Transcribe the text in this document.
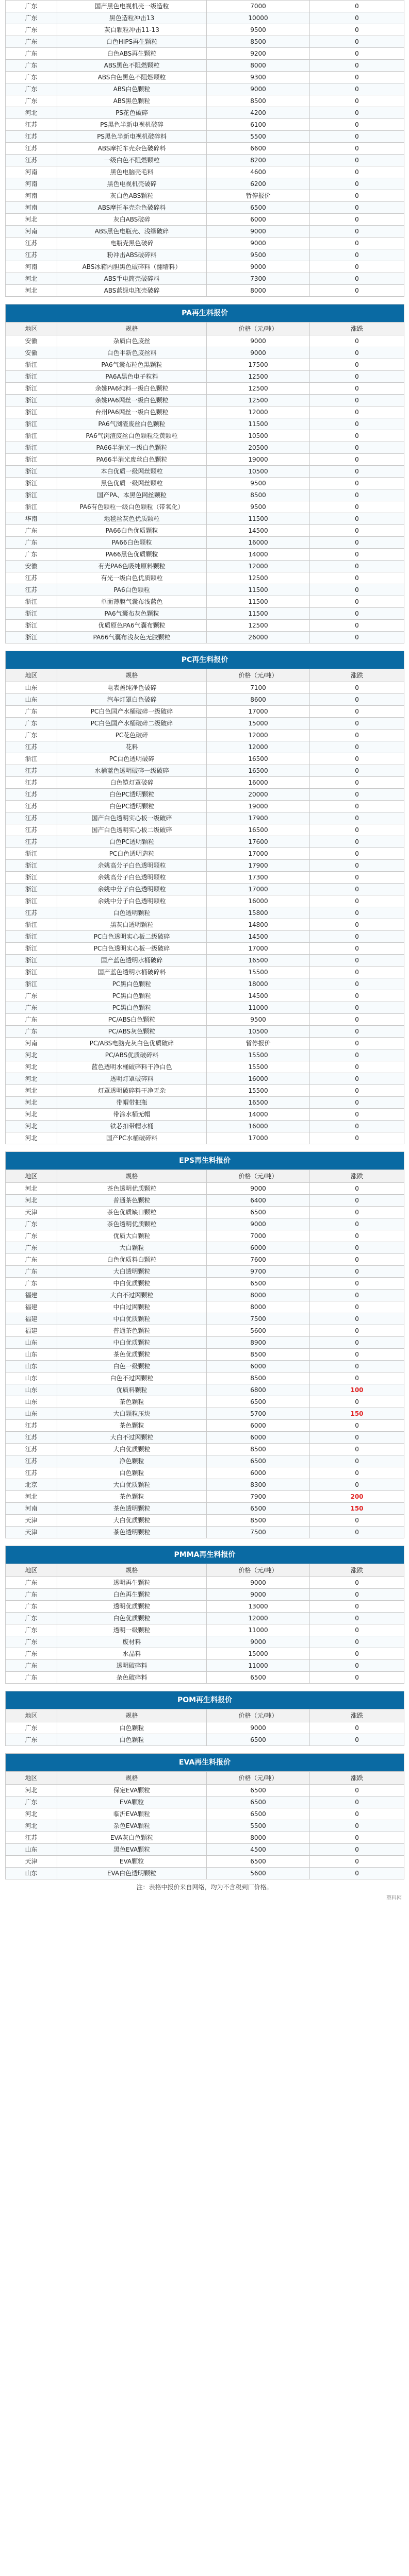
广东	国产黑色电视机壳一级造粒	7000	0
广东	黑色造粒冲击13	10000	0
广东	灰白颗粒冲击11-13	9500	0
广东	白色HIPS再生颗粒	8500	0
广东	白色ABS再生颗粒	9200	0
广东	ABS黑色不阻燃颗粒	8000	0
广东	ABS白色黑色不阻燃颗粒	9300	0
广东	ABS白色颗粒	9000	0
广东	ABS黑色颗粒	8500	0
河北	PS花色破碎	4200	0
江苏	PS黑色半新电视机破碎	6100	0
江苏	PS黑色半新电视机破碎料	5500	0
江苏	ABS摩托车壳杂色破碎料	6600	0
江苏	一级白色不阻燃颗粒	8200	0
河南	黑色电脑壳毛料	4600	0
河南	黑色电视机壳破碎	6200	0
河南	灰白色ABS颗粒	暂停报价	0
河南	ABS摩托车壳杂色破碎料	6500	0
河北	灰白ABS破碎	6000	0
河南	ABS黑色电瓶壳、浅绿破碎	9000	0
江苏	电瓶壳黑色破碎	9000	0
江苏	粉冲击ABS破碎料	9500	0
河南	ABS冰箱内胆黑色破碎料（翻墙料）	9000	0
河北	ABS手电筒壳破碎料	7300	0
河北	ABS蓝绿电瓶壳破碎	8000	0
PA再生料报价			
地区	规格	价格（元/吨）	涨跌
安徽	杂质白色废丝	9000	0
安徽	白色半新色废丝料	9000	0
浙江	PA6气囊布粒色黑颗粒	17500	0
浙江	PA6A黑色电子粒料	12500	0
浙江	余姚PA6纯料一级白色颗粒	12500	0
浙江	余姚PA6网丝一级白色颗粒	12500	0
浙江	台州PA6网丝一级白色颗粒	12000	0
浙江	PA6气浏渣废丝白色颗粒	11500	0
浙江	PA6气浏渣废丝白色颗粒泛黄颗粒	10500	0
浙江	PA66半消光一级白色颗粒	20500	0
浙江	PA66半消光废丝白色颗粒	19000	0
浙江	本白优质一级网丝颗粒	10500	0
浙江	黑色优质一级网丝颗粒	9500	0
浙江	国产PA、本黑色网丝颗粒	8500	0
浙江	PA6有色颗粒一级白色颗粒（带氧化）	9500	0
华南	地毯丝灰色优质颗粒	11500	0
广东	PA66白色优质颗粒	14500	0
广东	PA66白色颗粒	16000	0
广东	PA66黑色优质颗粒	14000	0
安徽	有光PA6色吸纯原料颗粒	12000	0
江苏	有光一级白色优质颗粒	12500	0
江苏	PA6白色颗粒	11500	0
浙江	单面薄膜气囊布浅蓝色	11500	0
浙江	PA6气囊布灰色颗粒	11500	0
浙江	优质原色PA6气囊布颗粒	12500	0
浙江	PA66气囊布浅灰色无胶颗粒	26000	0
PC再生料报价			
地区	规格	价格（元/吨）	涨跌
山东	电表盖纯净色破碎	7100	0
山东	汽车灯罩白色破碎	8600	0
广东	PC白色国产水桶破碎一级破碎	17000	0
广东	PC白色国产水桶破碎二级破碎	15000	0
广东	PC花色破碎	12000	0
江苏	花料	12000	0
浙江	PC白色透明破碎	16500	0
江苏	水桶蓝色透明破碎一级破碎	16500	0
江苏	白色铠灯罩破碎	16000	0
江苏	白色PC透明颗粒	20000	0
江苏	白色PC透明颗粒	19000	0
江苏	国产白色透明实心板一级破碎	17900	0
江苏	国产白色透明实心板二级破碎	16500	0
江苏	白色PC透明颗粒	17600	0
浙江	PC白色透明造粒	17000	0
浙江	余姚高分子白色透明颗粒	17900	0
浙江	余姚高分子白色透明颗粒	17300	0
浙江	余姚中分子白色透明颗粒	17000	0
浙江	余姚中分子白色透明颗粒	16000	0
江苏	白色透明颗粒	15800	0
浙江	黑灰白透明颗粒	14800	0
浙江	PC白色透明实心板二级破碎	14500	0
浙江	PC白色透明实心板一级破碎	17000	0
浙江	国产蓝色透明水桶破碎	16500	0
浙江	国产蓝色透明水桶破碎料	15500	0
浙江	PC黑白色颗粒	18000	0
广东	PC黑白色颗粒	14500	0
广东	PC黑白色颗粒	11000	0
广东	PC/ABS白色颗粒	9500	0
广东	PC/ABS灰色颗粒	10500	0
河南	PC/ABS电脑壳灰白色优质破碎	暂停报价	0
河北	PC/ABS优质破碎料	15500	0
河北	蓝色透明水桶破碎料干净白色	15500	0
河北	透明灯罩破碎料	16000	0
河北	灯罩透明破碎料干净无杂	15500	0
河北	带帽带把瓶	16500	0
河北	带涂水桶无帽	14000	0
河北	铁芯扣带帽水桶	16000	0
河北	国产PC水桶破碎料	17000	0
EPS再生料报价			
地区	规格	价格（元/吨）	涨跌
河北	茶色透明优质颗粒	9000	0
河北	普通茶色颗粒	6400	0
天津	茶色优质缺口颗粒	6500	0
广东	茶色透明优质颗粒	9000	0
广东	优质大白颗粒	7000	0
广东	大白颗粒	6000	0
广东	白色优质料白颗粒	7600	0
广东	大白透明颗粒	9700	0
广东	中白优质颗粒	6500	0
福建	大白不过网颗粒	8000	0
福建	中白过网颗粒	8000	0
福建	中白优质颗粒	7500	0
福建	普通茶色颗粒	5600	0
山东	中白优质颗粒	8900	0
山东	茶色优质颗粒	8500	0
山东	白色一级颗粒	6000	0
山东	白色不过网颗粒	8500	0
山东	优质料颗粒	6800	100
山东	茶色颗粒	6500	0
山东	大白颗粒压块	5700	150
江苏	茶色颗粒	6000	0
江苏	大白不过网颗粒	6000	0
江苏	大白优质颗粒	8500	0
江苏	净色颗粒	6500	0
江苏	白色颗粒	6000	0
北京	大白优质颗粒	8300	0
河北	茶色颗粒	7900	200
河南	茶色透明颗粒	6500	150
天津	大白优质颗粒	8500	0
天津	茶色透明颗粒	7500	0
PMMA再生料报价			
地区	规格	价格（元/吨）	涨跌
广东	透明再生颗粒	9000	0
广东	白色再生颗粒	9000	0
广东	透明优质颗粒	13000	0
广东	白色优质颗粒	12000	0
广东	透明一级颗粒	11000	0
广东	废材料	9000	0
广东	水晶料	15000	0
广东	透明破碎料	11000	0
广东	杂色破碎料	6500	0
POM再生料报价			
地区	规格	价格（元/吨）	涨跌
广东	白色颗粒	9000	0
广东	白色颗粒	6500	0
EVA再生料报价			
地区	规格	价格（元/吨）	涨跌
河北	保定EVA颗粒	6500	0
广东	EVA颗粒	6500	0
河北	临沂EVA颗粒	6500	0
河北	杂色EVA颗粒	5500	0
江苏	EVA灰白色颗粒	8000	0
山东	黑色EVA颗粒	4500	0
天津	EVA颗粒	6500	0
山东	EVA白色透明颗粒	5600	0
注：表格中报价来自网络，均为不含税到厂价格。
塑料网
